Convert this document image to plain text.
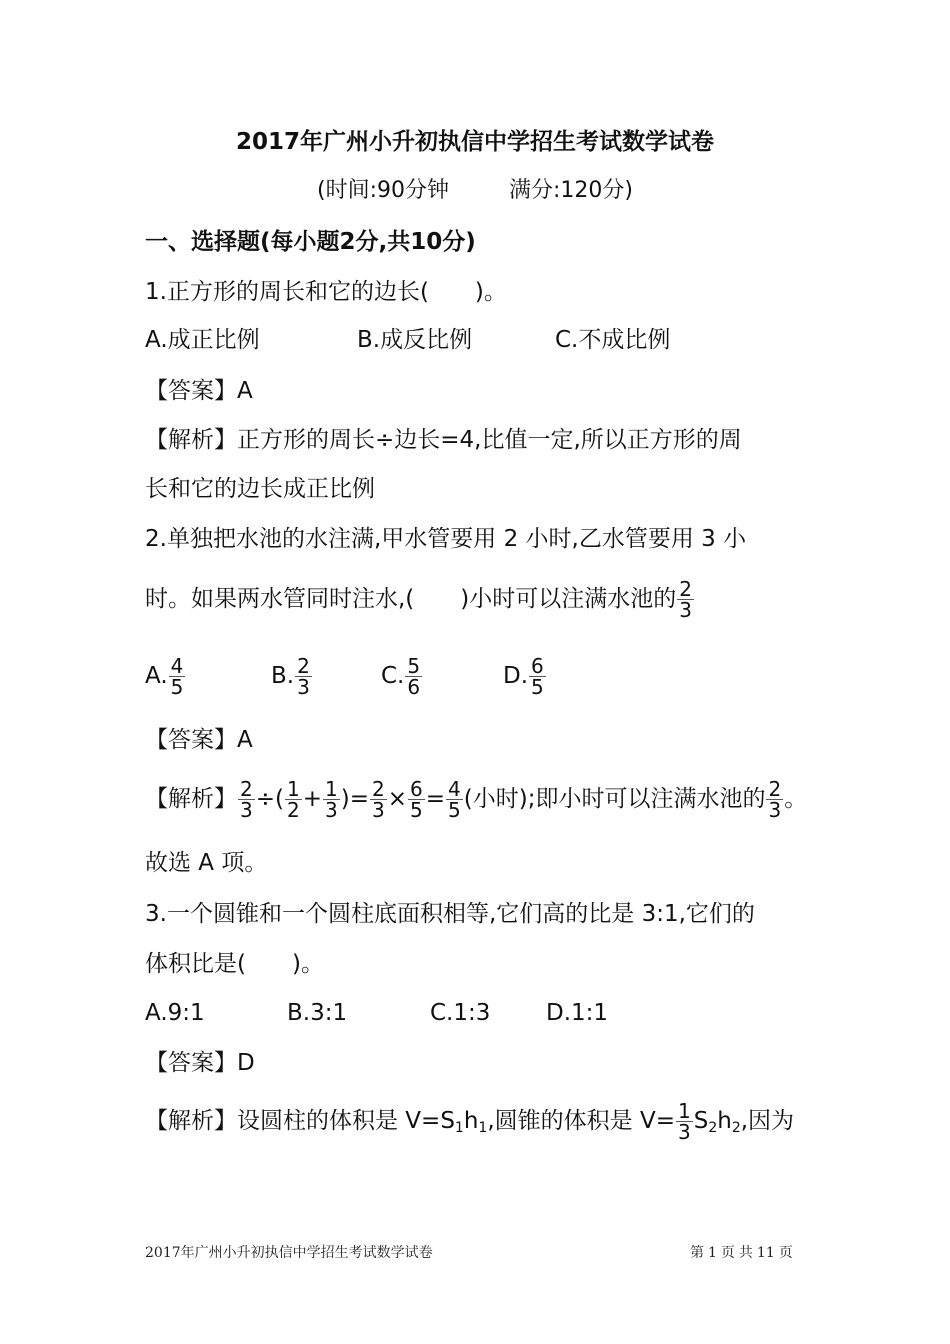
2017年广州小升初执信中学招生考试数学试卷
(时间:90分钟	满分:120分)
一、选择题(每小题2分,共10分)
1.正方形的周长和它的边长(　　)。
A.成正比例	B.成反比例	C.不成比例
【答案】A
【解析】正方形的周长÷边长=4,比值一定,所以正方形的周
长和它的边长成正比例
2.单独把水池的水注满,甲水管要用 2 小时,乙水管要用 3 小
时。如果两水管同时注水,(　　)小时可以注满水池的 $\frac{2}{3}$
A. $\frac{4}{5}$	B. $\frac{2}{3}$	C. $\frac{5}{6}$	D. $\frac{6}{5}$
【答案】A
【解析】 $\frac{2}{3}$ ÷( $\frac{1}{2} + \frac{1}{3}$ )= $\frac{2}{3} \times \frac{6}{5} = \frac{4}{5}$ (小时);即小时可以注满水池的 $\frac{2}{3}$ 。
故选 A 项。
3.一个圆锥和一个圆柱底面积相等,它们高的比是 3:1,它们的
体积比是(　　)。
A.9:1	B.3:1	C.1:3 D.1:1
【答案】D
【解析】设圆柱的体积是 $V=S_1h_1$,圆锥的体积是 $V= \frac{1}{3} S_2h_2$,因为
2017年广州小升初执信中学招生考试数学试卷	第 1 页 共 11 页
